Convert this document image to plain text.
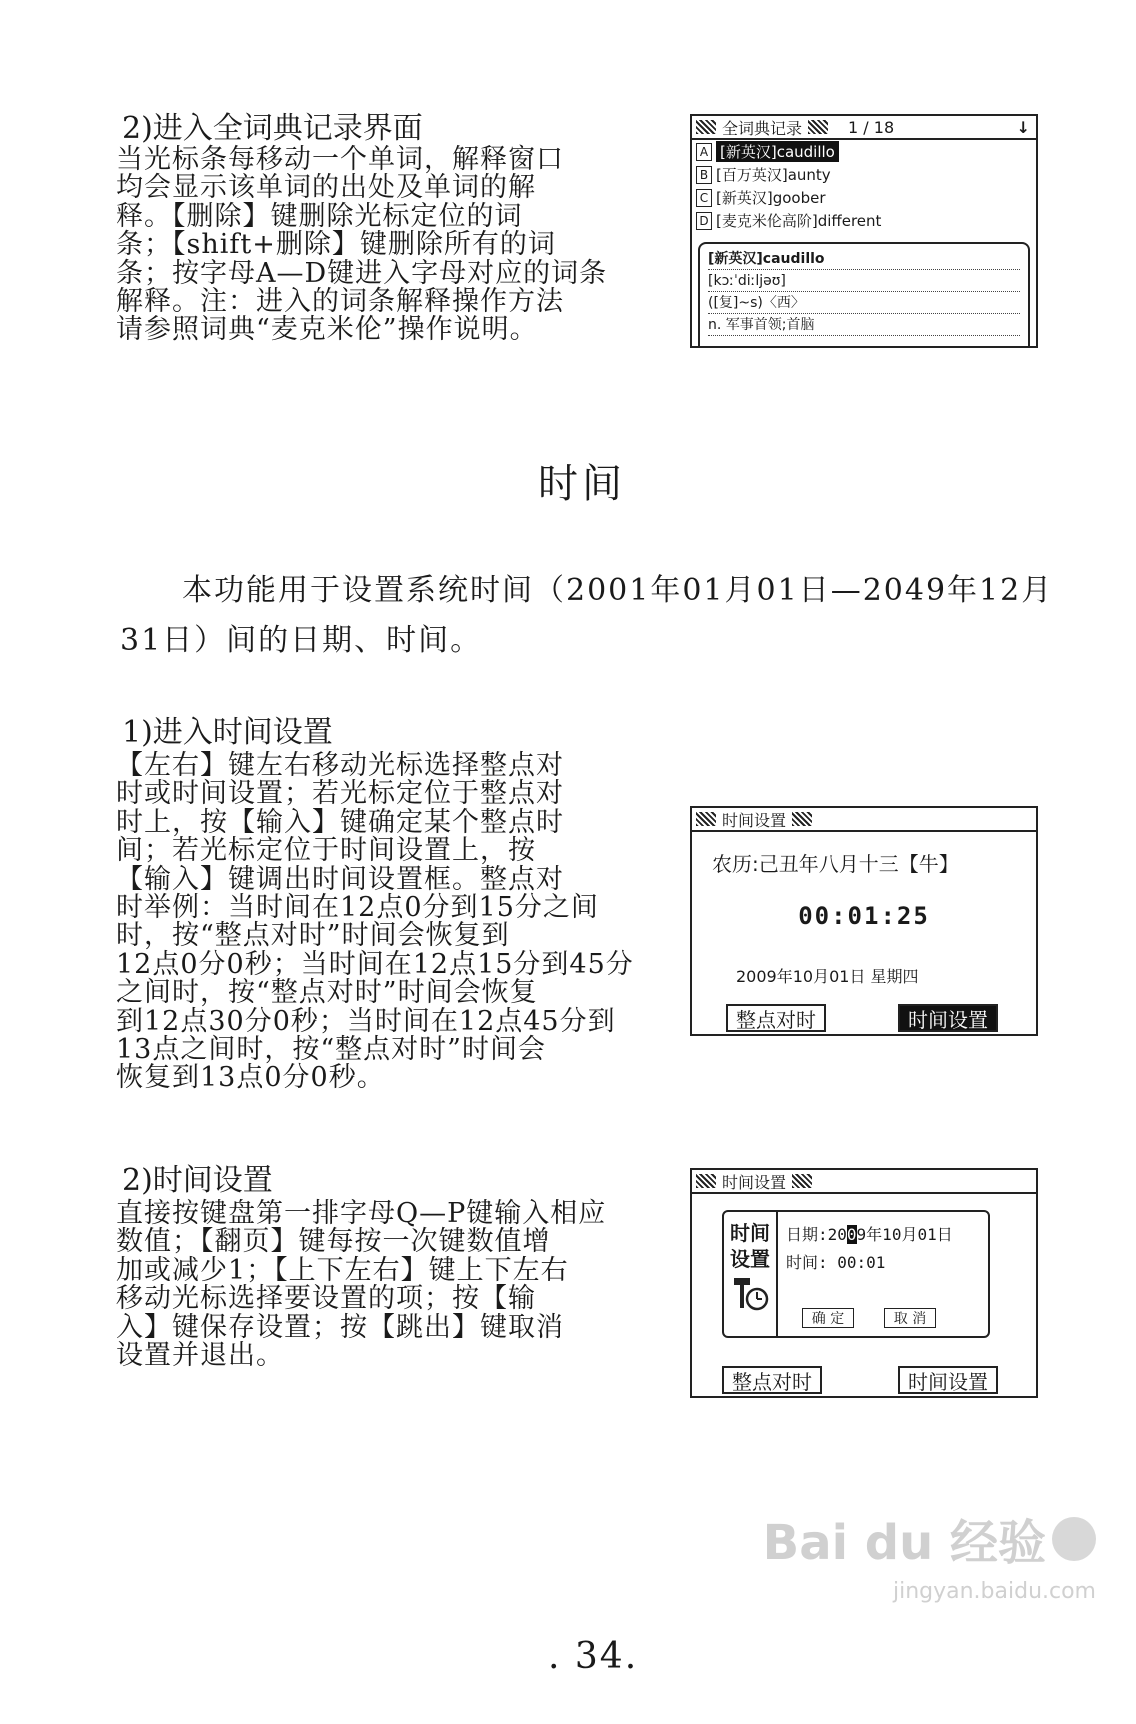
2)进入全词典记录界面
当光标条每移动一个单词，解释窗口
均会显示该单词的出处及单词的解
释。【删除】键删除光标定位的词
条；【shift+删除】键删除所有的词
条；按字母A—D键进入字母对应的词条
解释。注：进入的词条解释操作方法
请参照词典“麦克米伦”操作说明。
全词典记录	1 / 18	↓
A [新英汉]caudillo
B [百万英汉]aunty
C [新英汉]goober
D [麦克米伦高阶]different
[新英汉]caudillo
[kɔːˈdiːljəʊ]
([复]~s)〈西〉
n. 军事首领;首脑
时间
本功能用于设置系统时间（2001年01月01日—2049年12月
31日）间的日期、时间。
1)进入时间设置
【左右】键左右移动光标选择整点对
时或时间设置；若光标定位于整点对
时上，按【输入】键确定某个整点时
间；若光标定位于时间设置上，按
【输入】键调出时间设置框。整点对
时举例：当时间在12点0分到15分之间
时，按“整点对时”时间会恢复到
12点0分0秒；当时间在12点15分到45分
之间时，按“整点对时”时间会恢复
到12点30分0秒；当时间在12点45分到
13点之间时，按“整点对时”时间会
恢复到13点0分0秒。
时间设置
农历:己丑年八月十三【牛】
00:01:25
2009年10月01日 星期四
整点对时	时间设置
2)时间设置
直接按键盘第一排字母Q—P键输入相应
数值；【翻页】键每按一次键数值增
加或减少1；【上下左右】键上下左右
移动光标选择要设置的项；按【输
入】键保存设置；按【跳出】键取消
设置并退出。
时间设置
时间
设置
日期:2009年10月01日
时间: 00:01
确 定	取 消
整点对时	时间设置
. 34.
Bai du 经验
jingyan.baidu.com
